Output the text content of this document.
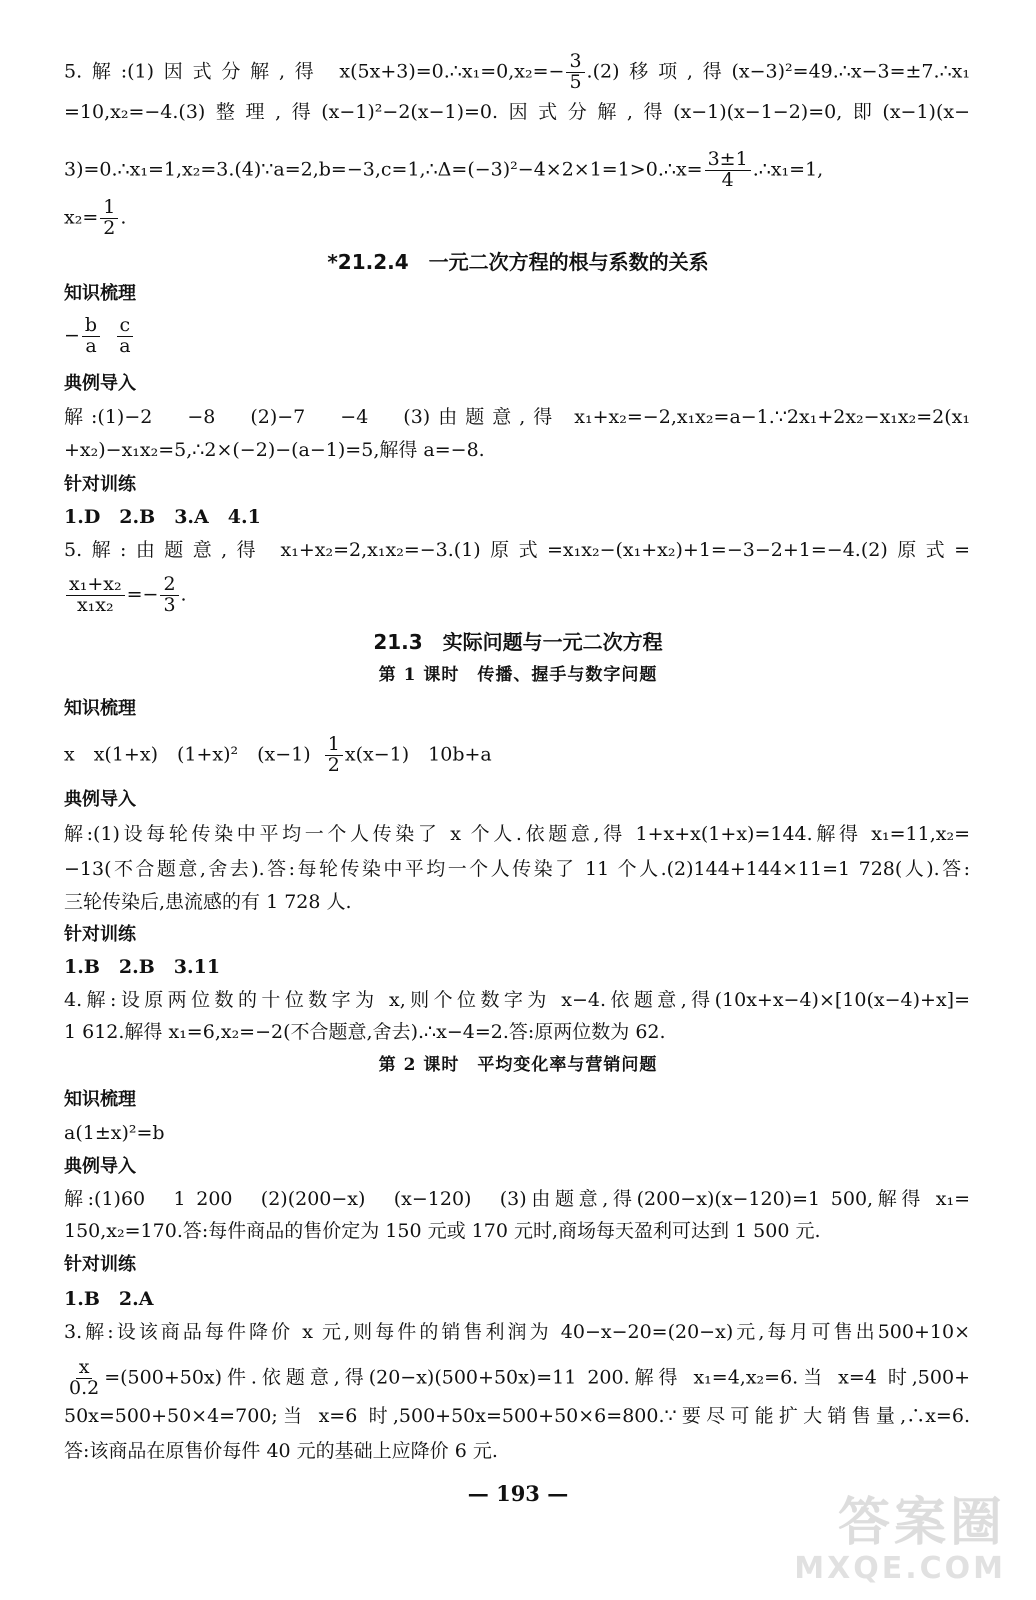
5.解:(1)因式分解,得 x(5x+3)=0.∴x₁=0,x₂=− $\frac{3}{5} .(2)$移项,得(x−3)²=49.∴x−3=±7.∴x₁
=10,x₂=−4.(3)整理,得(x−1)²−2(x−1)=0.因式分解,得(x−1)(x−1−2)=0,即(x−1)(x−
3)=0.∴x₁=1,x₂=3.(4)∵a=2,b=−3,c=1,∴Δ=(−3)²−4×2×1=1>0.∴x= $\frac{3\pm 1}{4}$ .∴x₁=1,
$x_2= \frac{1}{2}$ .
*21.2.4　一元二次方程的根与系数的关系
知识梳理
− $\frac{b}{a}$
$\frac{c}{a}$
典例导入
解:(1)−2　−8　(2)−7　−4　(3)由题意,得 x₁+x₂=−2,x₁x₂=a−1.∵2x₁+2x₂−x₁x₂=2(x₁
+x₂)−x₁x₂=5,∴2×(−2)−(a−1)=5,解得 a=−8.
针对训练
1.D　2.B　3.A　4.1
5.解:由题意,得 x₁+x₂=2,x₁x₂=−3.(1)原式=x₁x₂−(x₁+x₂)+1=−3−2+1=−4.(2)原式=
$\frac{\text{x₁+x₂}}{\text{x₁x₂}} =- \frac{2}{3}$ .
21.3　实际问题与一元二次方程
第 1 课时　传播、握手与数字问题
知识梳理
x　x(1+x)　(1+x)²　$(x-1) \frac{1}{2} x(x-1)$　10b+a
典例导入
解:(1)设每轮传染中平均一个人传染了 x 个人.依题意,得 1+x+x(1+x)=144.解得 x₁=11,x₂=
−13(不合题意,舍去).答:每轮传染中平均一个人传染了 11 个人.(2)144+144×11=1 728(人).答:
三轮传染后,患流感的有 1 728 人.
针对训练
1.B　2.B　3.11
4.解:设原两位数的十位数字为 x,则个位数字为 x−4.依题意,得(10x+x−4)×[10(x−4)+x]=
1 612.解得 x₁=6,x₂=−2(不合题意,舍去).∴x−4=2.答:原两位数为 62.
第 2 课时　平均变化率与营销问题
知识梳理
a(1±x)²=b
典例导入
解:(1)60　1 200　(2)(200−x)　(x−120)　(3)由题意,得(200−x)(x−120)=1 500,解得 x₁=
150,x₂=170.答:每件商品的售价定为 150 元或 170 元时,商场每天盈利可达到 1 500 元.
针对训练
1.B　2.A
3.解:设该商品每件降价 x 元,则每件的销售利润为 40−x−20=(20−x)元,每月可售出500+10×
$\frac{x}{0.2} =(500+50x)$件.依题意,得(20−x)(500+50x)=11 200.解得 x₁=4,x₂=6.当 x=4 时,500+
50x=500+50×4=700;当 x=6 时,500+50x=500+50×6=800.∵要尽可能扩大销售量,∴x=6.
答:该商品在原售价每件 40 元的基础上应降价 6 元.
— 193 —	答案圈
MXQE.COM
